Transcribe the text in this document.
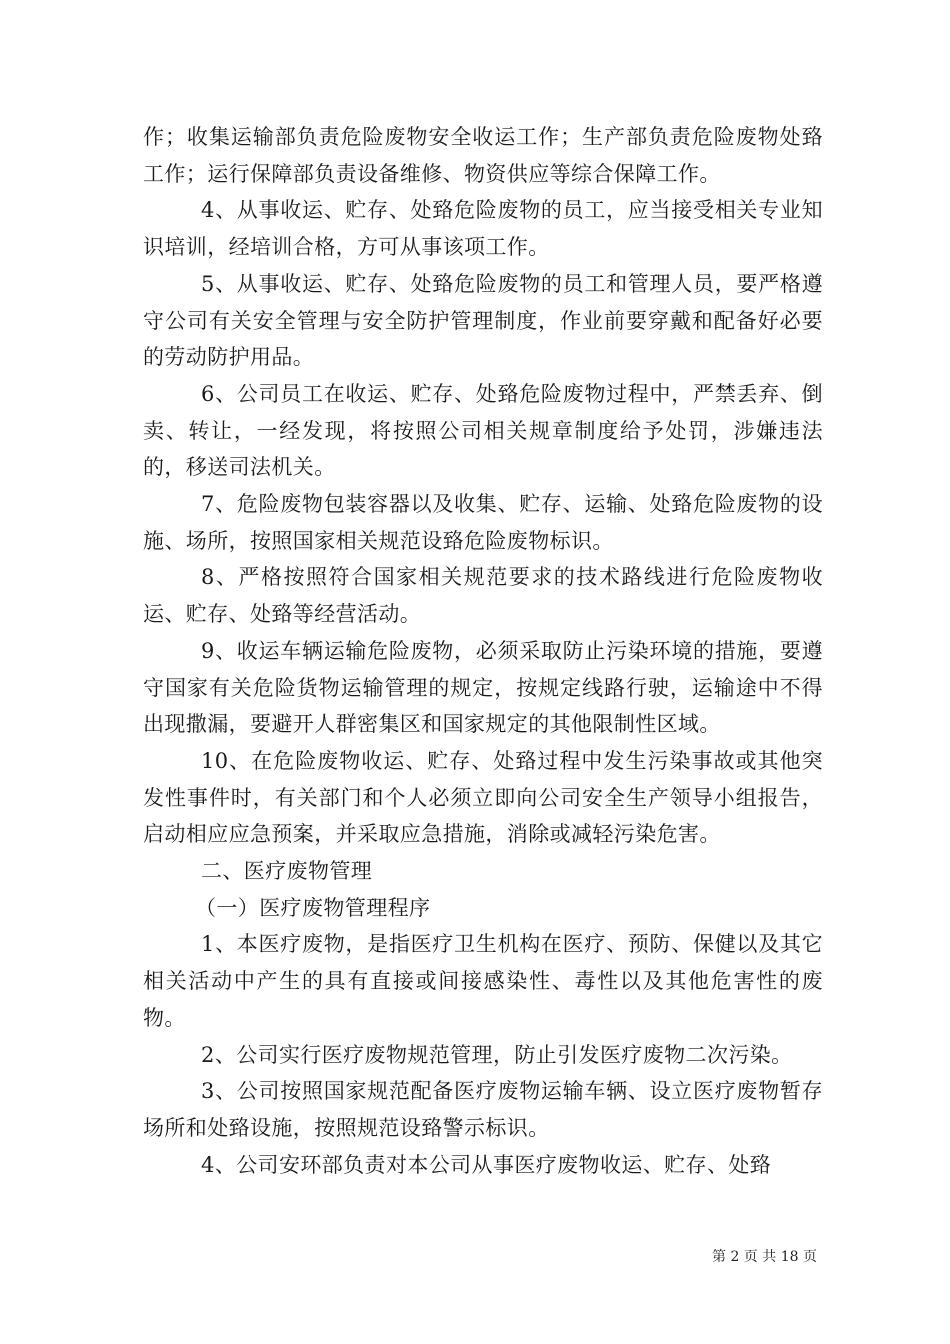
作；收集运输部负责危险废物安全收运工作；生产部负责危险废物处臵工作；运行保障部负责设备维修、物资供应等综合保障工作。

4、从事收运、贮存、处臵危险废物的员工，应当接受相关专业知识培训，经培训合格，方可从事该项工作。

5、从事收运、贮存、处臵危险废物的员工和管理人员，要严格遵守公司有关安全管理与安全防护管理制度，作业前要穿戴和配备好必要的劳动防护用品。

6、公司员工在收运、贮存、处臵危险废物过程中，严禁丢弃、倒卖、转让，一经发现，将按照公司相关规章制度给予处罚，涉嫌违法的，移送司法机关。

7、危险废物包装容器以及收集、贮存、运输、处臵危险废物的设施、场所，按照国家相关规范设臵危险废物标识。

8、严格按照符合国家相关规范要求的技术路线进行危险废物收运、贮存、处臵等经营活动。

9、收运车辆运输危险废物，必须采取防止污染环境的措施，要遵守国家有关危险货物运输管理的规定，按规定线路行驶，运输途中不得出现撒漏，要避开人群密集区和国家规定的其他限制性区域。

10、在危险废物收运、贮存、处臵过程中发生污染事故或其他突发性事件时，有关部门和个人必须立即向公司安全生产领导小组报告，启动相应应急预案，并采取应急措施，消除或减轻污染危害。

二、医疗废物管理

（一）医疗废物管理程序

1、本医疗废物，是指医疗卫生机构在医疗、预防、保健以及其它相关活动中产生的具有直接或间接感染性、毒性以及其他危害性的废物。

2、公司实行医疗废物规范管理，防止引发医疗废物二次污染。

3、公司按照国家规范配备医疗废物运输车辆、设立医疗废物暂存场所和处臵设施，按照规范设臵警示标识。

4、公司安环部负责对本公司从事医疗废物收运、贮存、处臵

第 2 页 共 18 页
